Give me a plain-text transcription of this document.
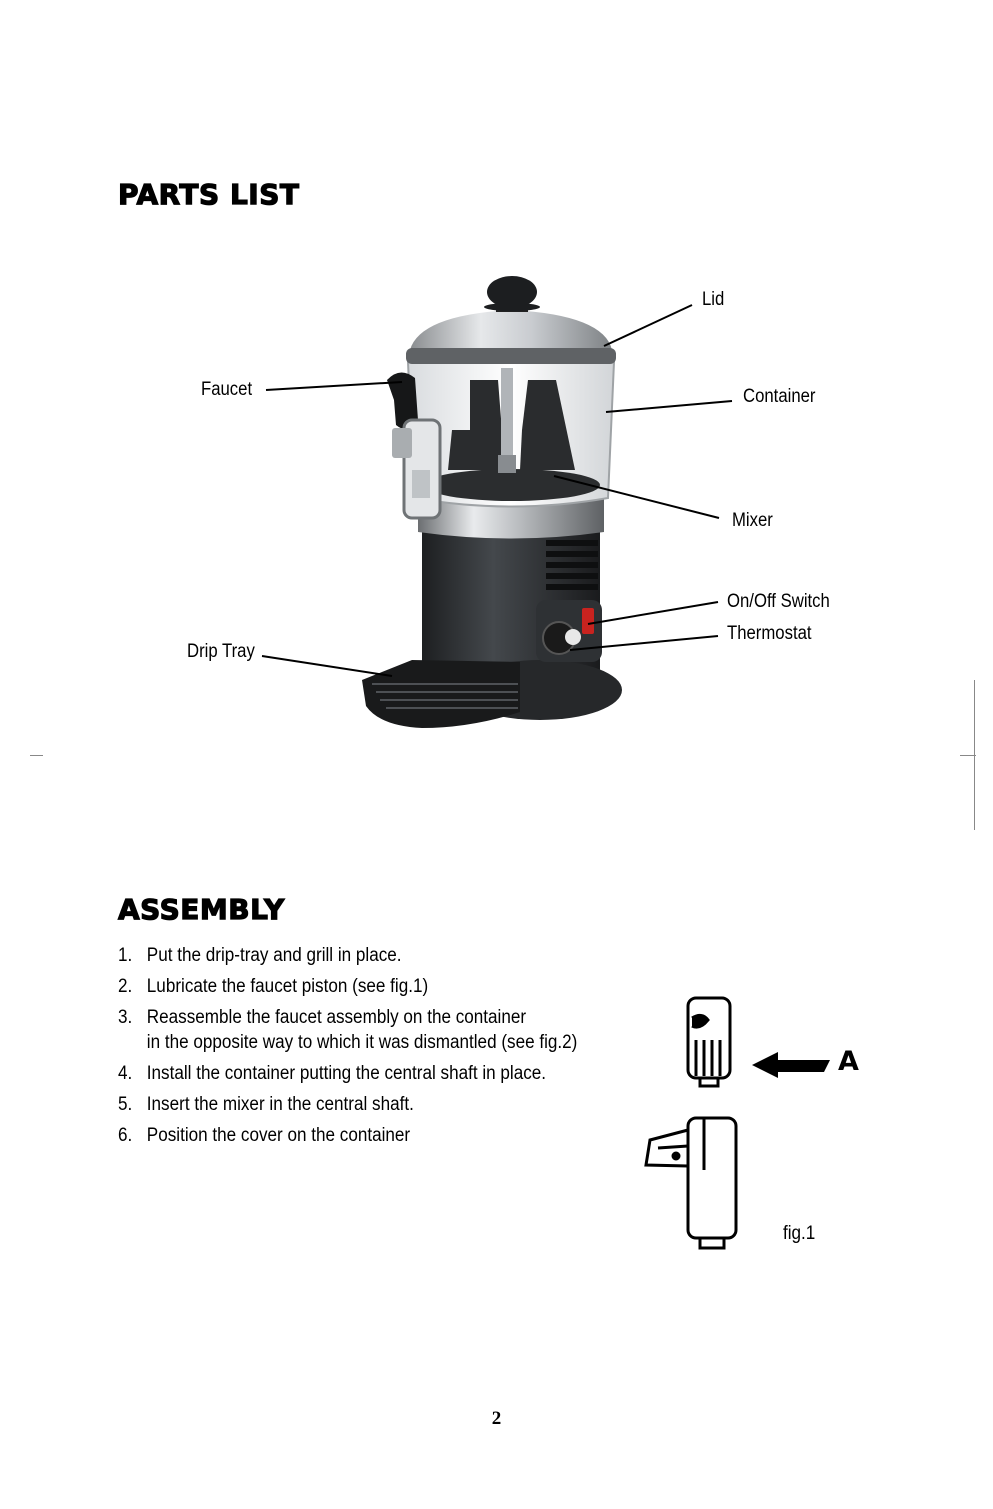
PARTS LIST
Lid
Container
Faucet
Mixer
On/Off Switch
Thermostat
Drip Tray
ASSEMBLY
1. Put the drip-tray and grill in place.
2. Lubricate the faucet piston (see fig.1)
3. Reassemble the faucet assembly on the container
in the opposite way to which it was dismantled (see fig.2)
4. Install the container putting the central shaft in place.
5. Insert the mixer in the central shaft.
6. Position the cover on the container
A
fig.1
2
